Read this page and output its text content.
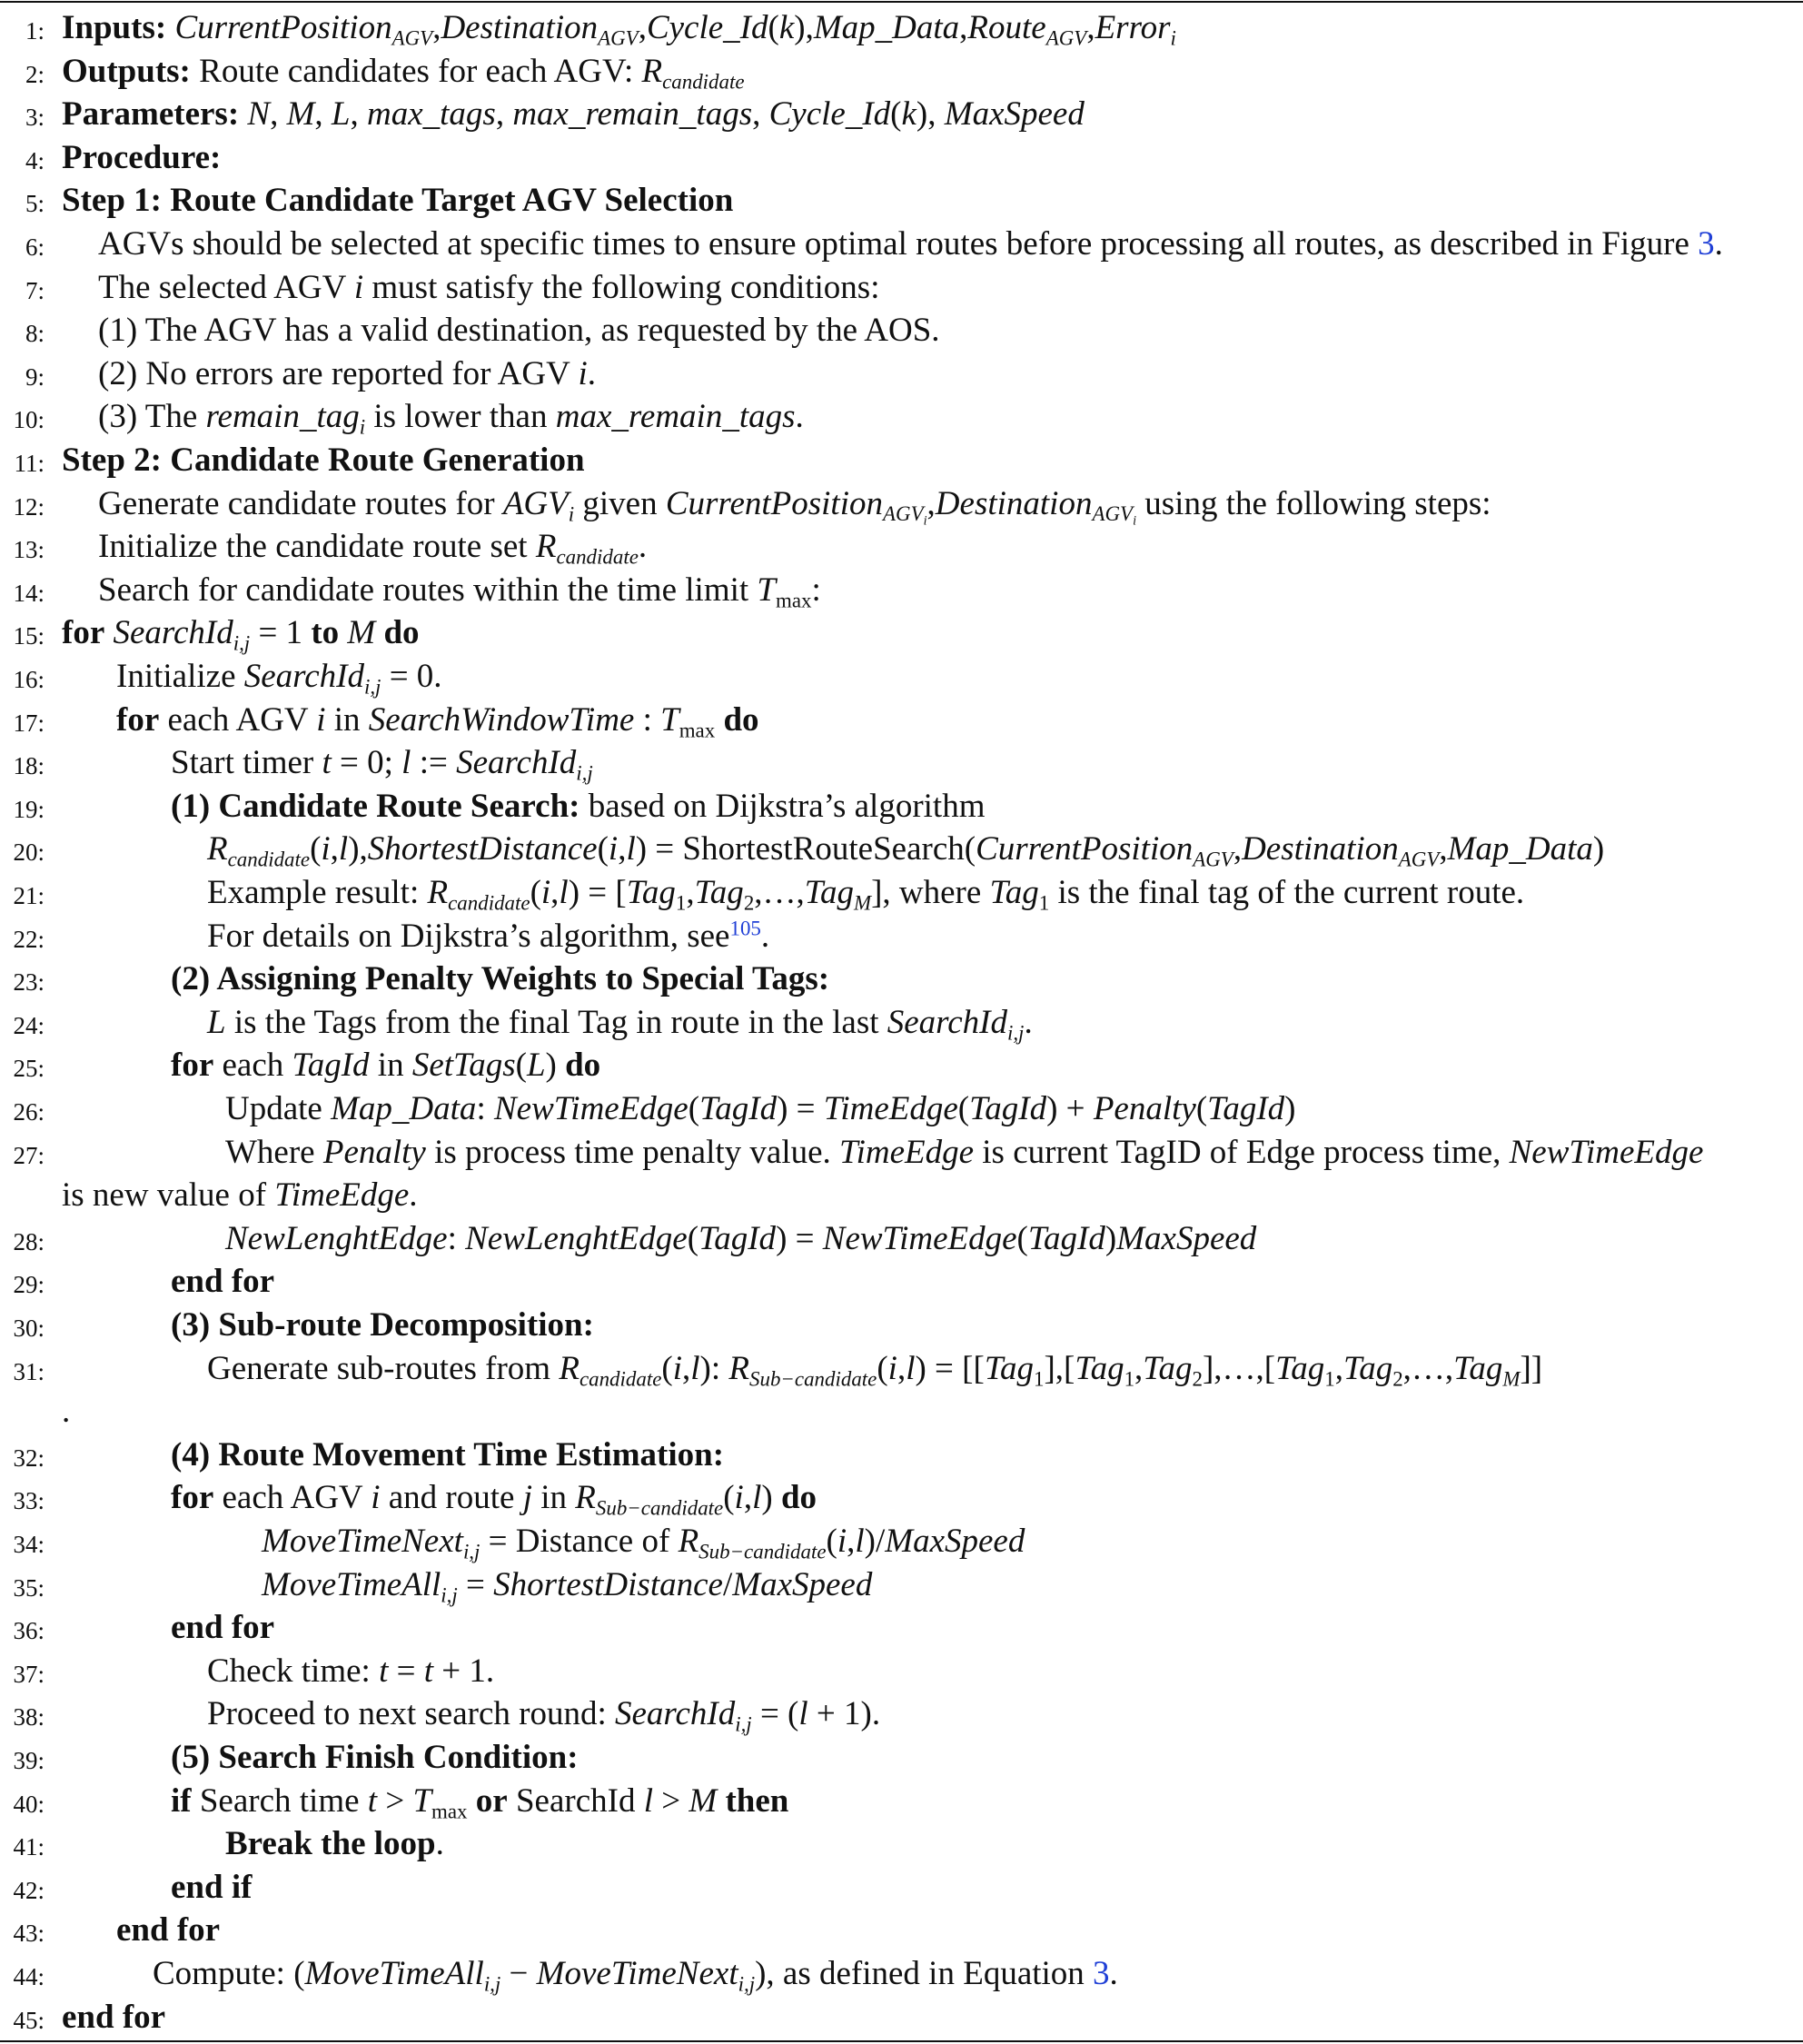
1: Inputs: CurrentPosition$_{AGV}$,Destination$_{AGV}$,Cycle_Id(k),Map_Data,Route$_{AGV}$,Error$_i$
2: Outputs: Route candidates for each AGV: $R_{candidate}$
3: Parameters: N, M, L, max_tags, max_remain_tags, Cycle_Id(k), MaxSpeed
4: Procedure:
5: Step 1: Route Candidate Target AGV Selection
6: AGVs should be selected at specific times to ensure optimal routes before processing all routes, as described in Figure 3.
7: The selected AGV i must satisfy the following conditions:
8: (1) The AGV has a valid destination, as requested by the AOS.
9: (2) No errors are reported for AGV i.
10: (3) The remain_tag$_i$ is lower than max_remain_tags.
11: Step 2: Candidate Route Generation
12: Generate candidate routes for $AGV_i$ given CurrentPosition$_{AGV_i}$,Destination$_{AGV_i}$ using the following steps:
13: Initialize the candidate route set $R_{candidate}$.
14: Search for candidate routes within the time limit $T_{max}$:
15: for SearchId$_{i,j}$ = 1 to M do
16: Initialize SearchId$_{i,j}$ = 0.
17: for each AGV i in SearchWindowTime : $T_{max}$ do
18:	Start timer t = 0; l := SearchId$_{i,j}$
19:	(1) Candidate Route Search: based on Dijkstra’s algorithm
20:	$R_{candidate}(i,l),ShortestDistance(i,l)$ = ShortestRouteSearch(CurrentPosition$_{AGV}$,Destination$_{AGV}$,Map_Data)
21:	Example result: $R_{candidate}(i,l)$ = [Tag$_1$,Tag$_2$,…,Tag$_M$], where Tag$_1$ is the final tag of the current route.
22:	For details on Dijkstra’s algorithm, see$^{105}$.
23:	(2) Assigning Penalty Weights to Special Tags:
24:	L is the Tags from the final Tag in route in the last SearchId$_{i,j}$.
25:	for each TagId in SetTags(L) do
26:	Update Map_Data: NewTimeEdge(TagId) = TimeEdge(TagId) + Penalty(TagId)
27:	Where Penalty is process time penalty value. TimeEdge is current TagID of Edge process time, NewTimeEdge
is new value of TimeEdge.
28:	NewLenghtEdge: NewLenghtEdge(TagId) = NewTimeEdge(TagId)MaxSpeed
29:	end for
30:	(3) Sub-route Decomposition:
31:	Generate sub-routes from $R_{candidate}(i,l)$: $R_{Sub-candidate}(i,l)$ = [[Tag$_1$],[Tag$_1$,Tag$_2$],…,[Tag$_1$,Tag$_2$,…,Tag$_M$]]
.
32:	(4) Route Movement Time Estimation:
33:	for each AGV i and route j in $R_{Sub-candidate}(i,l)$ do
34:	MoveTimeNext$_{i,j}$ = Distance of $R_{Sub-candidate}(i,l)$/MaxSpeed
35:	MoveTimeAll$_{i,j}$ = ShortestDistance/MaxSpeed
36:	end for
37:	Check time: t = t + 1.
38:	Proceed to next search round: SearchId$_{i,j}$ = (l + 1).
39:	(5) Search Finish Condition:
40:	if Search time $t > T_{max}$ or SearchId l > M then
41:	Break the loop.
42:	end if
43: end for
44:	Compute: (MoveTimeAll$_{i,j}$ − MoveTimeNext$_{i,j}$), as defined in Equation 3.
45: end for
